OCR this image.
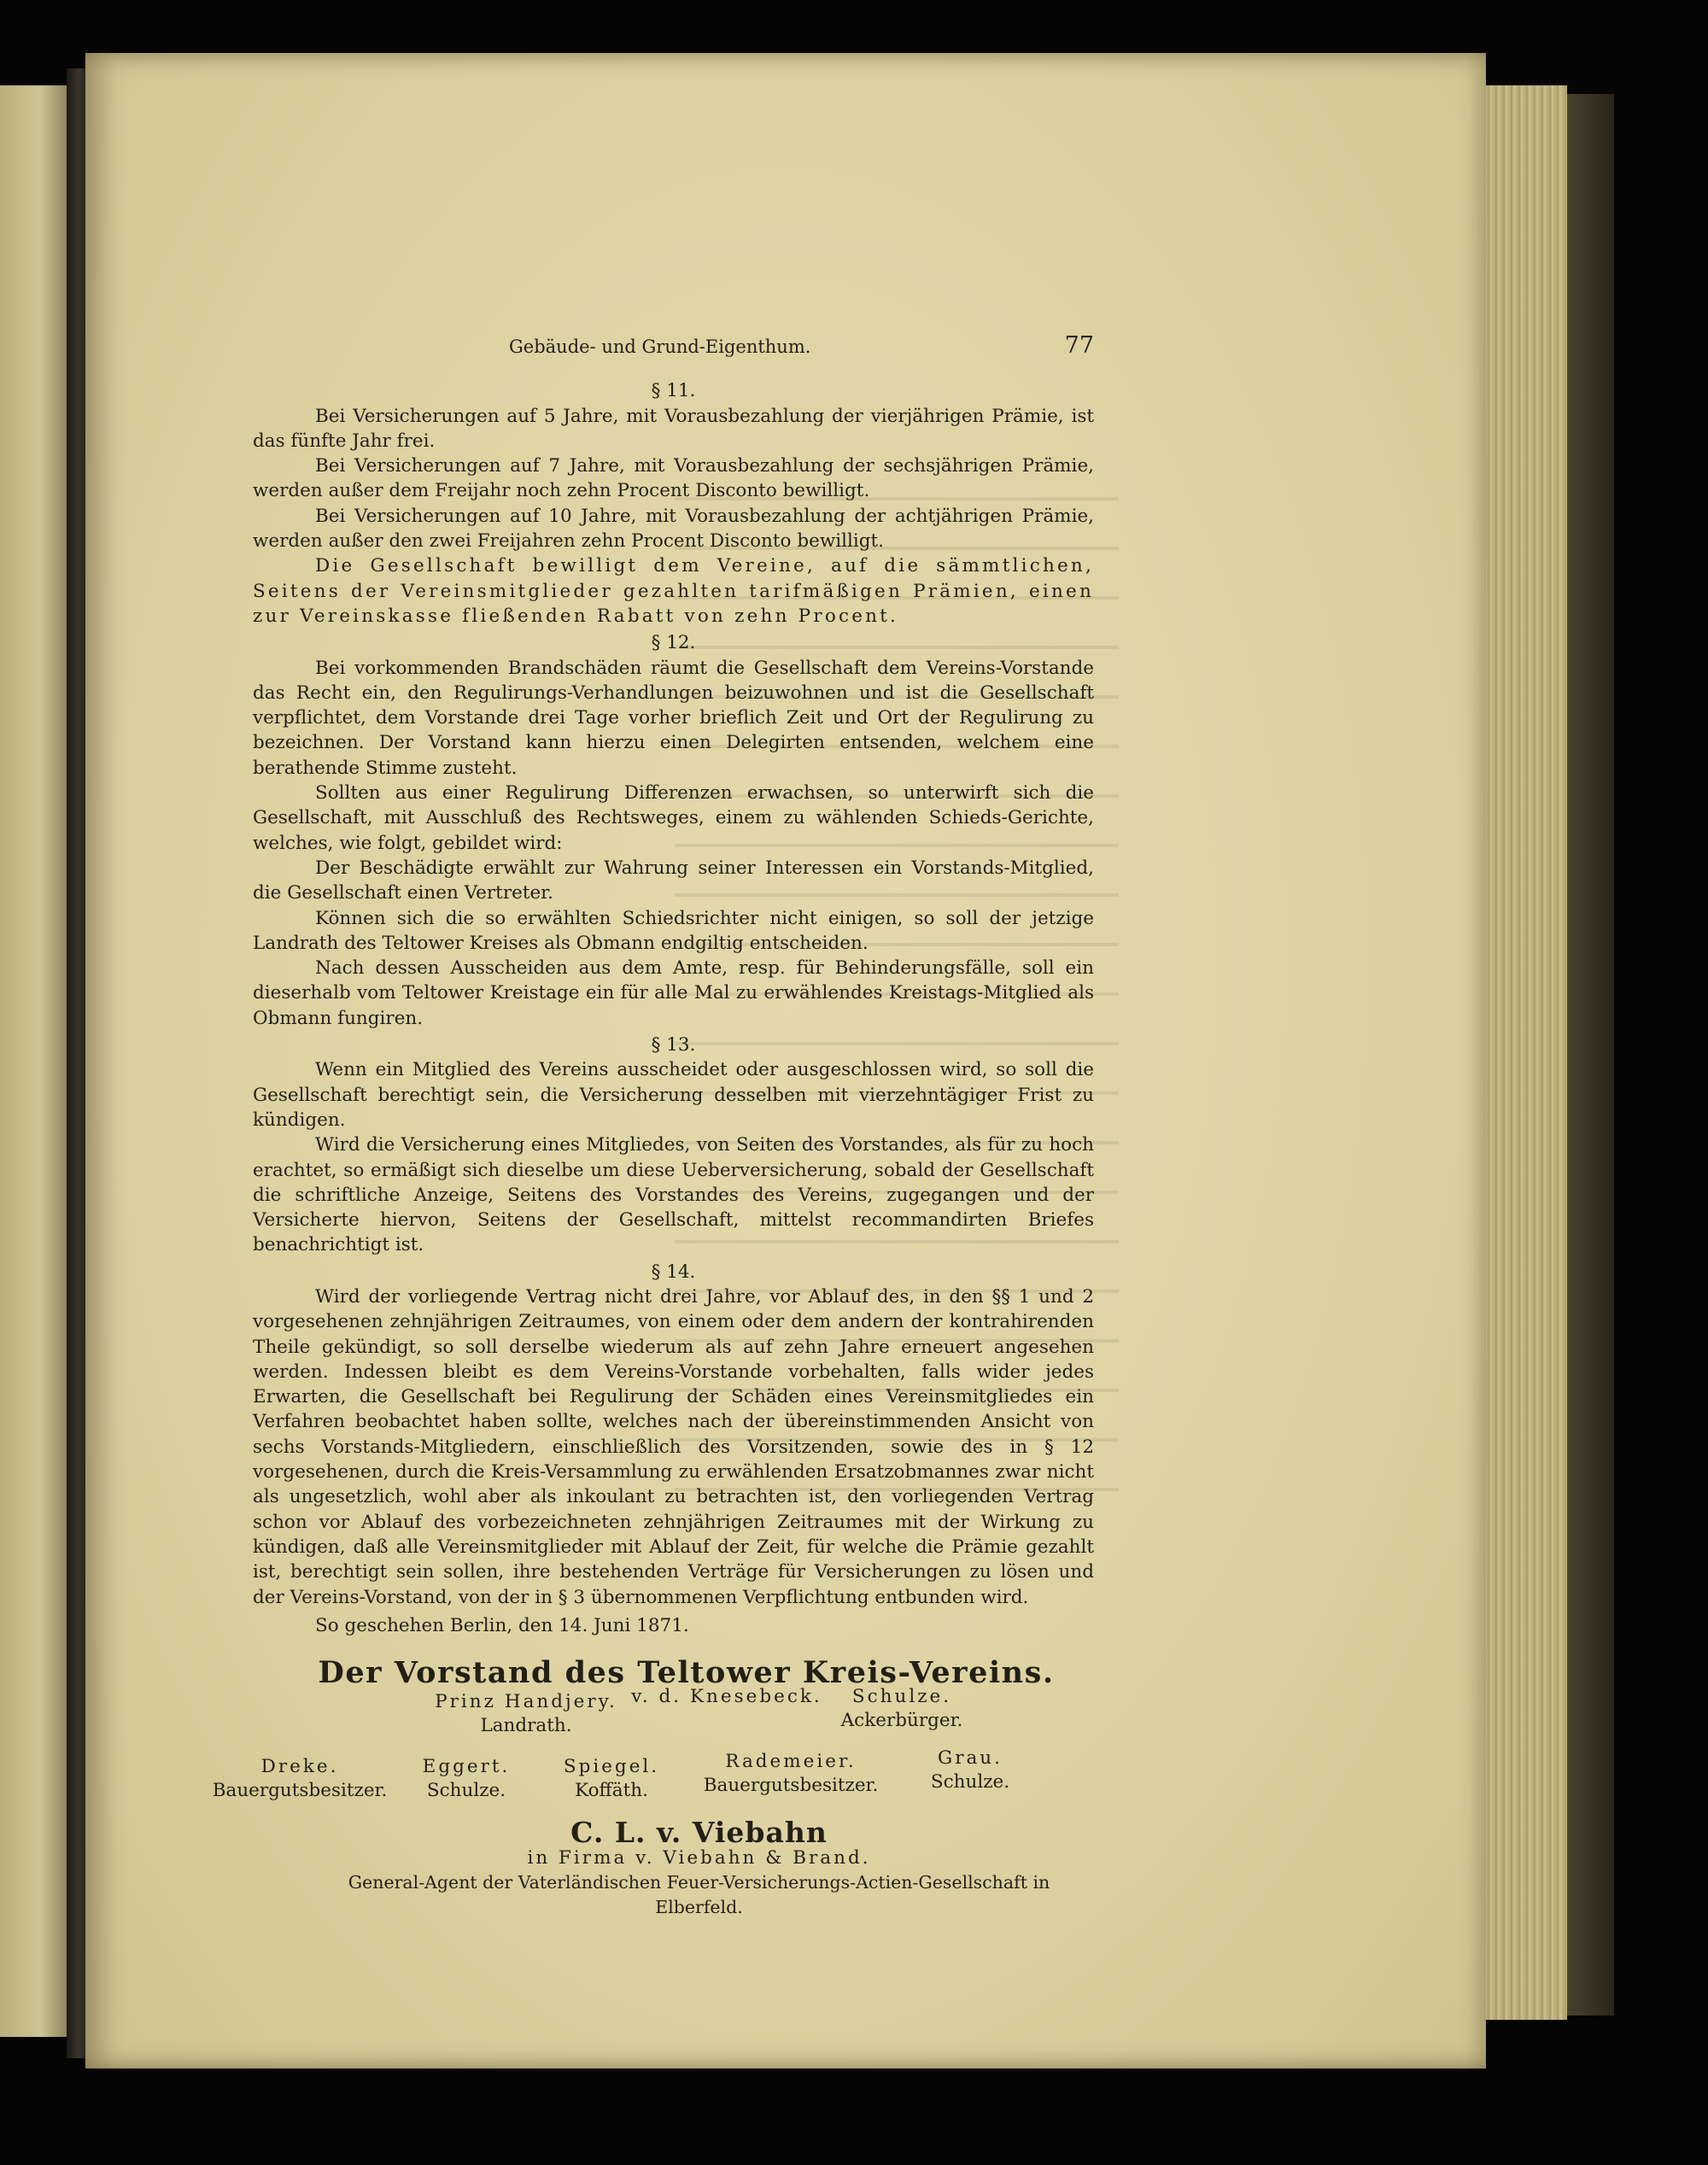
Gebäude- und Grund-Eigenthum.	77
§ 11.

Bei Versicherungen auf 5 Jahre, mit Vorausbezahlung der vierjährigen Prämie, ist das fünfte Jahr frei.

Bei Versicherungen auf 7 Jahre, mit Vorausbezahlung der sechsjährigen Prämie, werden außer dem Freijahr noch zehn Procent Disconto bewilligt.

Bei Versicherungen auf 10 Jahre, mit Vorausbezahlung der achtjährigen Prämie, werden außer den zwei Freijahren zehn Procent Disconto bewilligt.

Die Gesellschaft bewilligt dem Vereine, auf die sämmtlichen, Seitens der Vereinsmitglieder gezahlten tarifmäßigen Prämien, einen zur Vereinskasse fließenden Rabatt von zehn Procent.

§ 12.

Bei vorkommenden Brandschäden räumt die Gesellschaft dem Vereins-Vorstande das Recht ein, den Regulirungs-Verhandlungen beizuwohnen und ist die Gesellschaft verpflichtet, dem Vorstande drei Tage vorher brieflich Zeit und Ort der Regulirung zu bezeichnen. Der Vorstand kann hierzu einen Delegirten entsenden, welchem eine berathende Stimme zusteht.

Sollten aus einer Regulirung Differenzen erwachsen, so unterwirft sich die Gesellschaft, mit Ausschluß des Rechtsweges, einem zu wählenden Schieds-Gerichte, welches, wie folgt, gebildet wird:

Der Beschädigte erwählt zur Wahrung seiner Interessen ein Vorstands-Mitglied, die Gesellschaft einen Vertreter.

Können sich die so erwählten Schiedsrichter nicht einigen, so soll der jetzige Landrath des Teltower Kreises als Obmann endgiltig entscheiden.

Nach dessen Ausscheiden aus dem Amte, resp. für Behinderungsfälle, soll ein dieserhalb vom Teltower Kreistage ein für alle Mal zu erwählendes Kreistags-Mitglied als Obmann fungiren.

§ 13.

Wenn ein Mitglied des Vereins ausscheidet oder ausgeschlossen wird, so soll die Gesellschaft berechtigt sein, die Versicherung desselben mit vierzehntägiger Frist zu kündigen.

Wird die Versicherung eines Mitgliedes, von Seiten des Vorstandes, als für zu hoch erachtet, so ermäßigt sich dieselbe um diese Ueberversicherung, sobald der Gesellschaft die schriftliche Anzeige, Seitens des Vorstandes des Vereins, zugegangen und der Versicherte hiervon, Seitens der Gesellschaft, mittelst recommandirten Briefes benachrichtigt ist.

§ 14.

Wird der vorliegende Vertrag nicht drei Jahre, vor Ablauf des, in den §§ 1 und 2 vorgesehenen zehnjährigen Zeitraumes, von einem oder dem andern der kontrahirenden Theile gekündigt, so soll derselbe wiederum als auf zehn Jahre erneuert angesehen werden. Indessen bleibt es dem Vereins-Vorstande vorbehalten, falls wider jedes Erwarten, die Gesellschaft bei Regulirung der Schäden eines Vereinsmitgliedes ein Verfahren beobachtet haben sollte, welches nach der übereinstimmenden Ansicht von sechs Vorstands-Mitgliedern, einschließlich des Vorsitzenden, sowie des in § 12 vorgesehenen, durch die Kreis-Versammlung zu erwählenden Ersatzobmannes zwar nicht als ungesetzlich, wohl aber als inkoulant zu betrachten ist, den vorliegenden Vertrag schon vor Ablauf des vorbezeichneten zehnjährigen Zeitraumes mit der Wirkung zu kündigen, daß alle Vereinsmitglieder mit Ablauf der Zeit, für welche die Prämie gezahlt ist, berechtigt sein sollen, ihre bestehenden Verträge für Versicherungen zu lösen und der Vereins-Vorstand, von der in § 3 übernommenen Verpflichtung entbunden wird.

So geschehen Berlin, den 14. Juni 1871.

Der Vorstand des Teltower Kreis-Vereins.
Prinz Handjery.
Landrath.
v. d. Knesebeck.	Schulze.
Ackerbürger.
Dreke.
Bauergutsbesitzer.
Eggert.
Schulze.
Spiegel.
Koffäth.
Rademeier.
Bauergutsbesitzer.
Grau.
Schulze.
C. L. v. Viebahn
in Firma v. Viebahn & Brand.
General-Agent der Vaterländischen Feuer-Versicherungs-Actien-Gesellschaft in Elberfeld.
